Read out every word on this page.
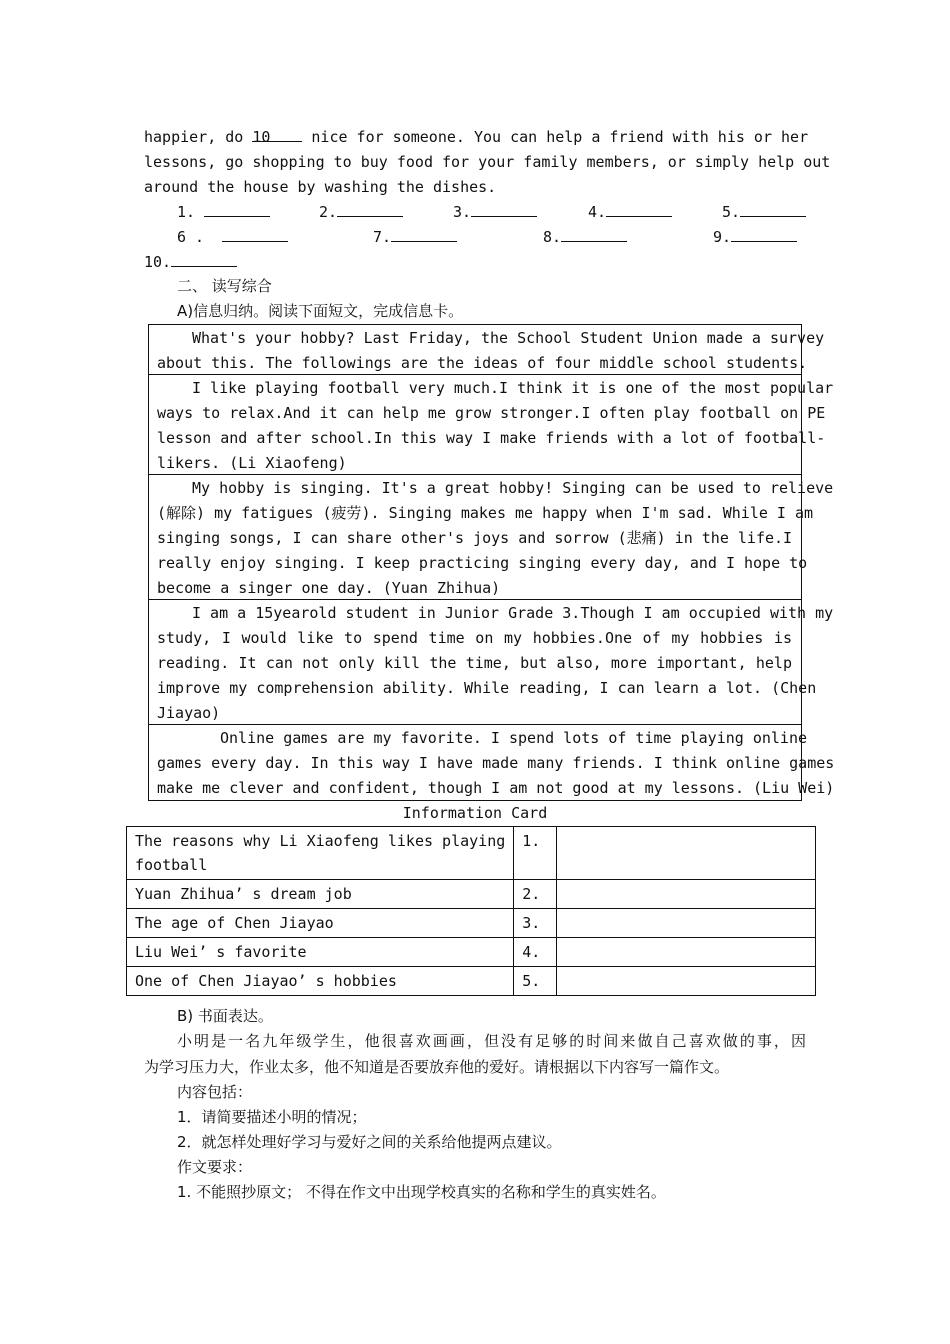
happier, do 10	nice for someone. You can help a friend with his or her
lessons, go shopping to buy food for your family members, or simply help out
around the house by washing the dishes.
1.	2.	3.	4.	5.
6 .	7.	8.	9.
10.
二、 读写综合
A)信息归纳。阅读下面短文，完成信息卡。
What's your hobby? Last Friday, the School Student Union made a survey
about this. The followings are the ideas of four middle school students.
I like playing football very much.I think it is one of the most popular
ways to relax.And it can help me grow stronger.I often play football on PE
lesson and after school.In this way I make friends with a lot of football-
likers. (Li Xiaofeng)
My hobby is singing. It's a great hobby! Singing can be used to relieve
(解除) my fatigues (疲劳). Singing makes me happy when I'm sad. While I am
singing songs, I can share other's joys and sorrow (悲痛) in the life.I
really enjoy singing. I keep practicing singing every day, and I hope to
become a singer one day. (Yuan Zhihua)
I am a 15yearold student in Junior Grade 3.Though I am occupied with my
study, I would like to spend time on my hobbies.One of my hobbies is
reading. It can not only kill the time, but also, more important, help
improve my comprehension ability. While reading, I can learn a lot. (Chen
Jiayao)
Online games are my favorite. I spend lots of time playing online
games every day. In this way I have made many friends. I think online games
make me clever and confident, though I am not good at my lessons. (Liu Wei)
Information Card
The reasons why Li Xiaofeng likes playing
football	1.	
Yuan Zhihua’ s dream job	2.	
The age of Chen Jiayao	3.	
Liu Wei’ s favorite	4.	
One of Chen Jiayao’ s hobbies	5.	
B) 书面表达。
小明是一名九年级学生，他很喜欢画画，但没有足够的时间来做自己喜欢做的事，因
为学习压力大，作业太多，他不知道是否要放弃他的爱好。请根据以下内容写一篇作文。
内容包括：
1．请简要描述小明的情况；
2．就怎样处理好学习与爱好之间的关系给他提两点建议。
作文要求：
1. 不能照抄原文； 不得在作文中出现学校真实的名称和学生的真实姓名。
